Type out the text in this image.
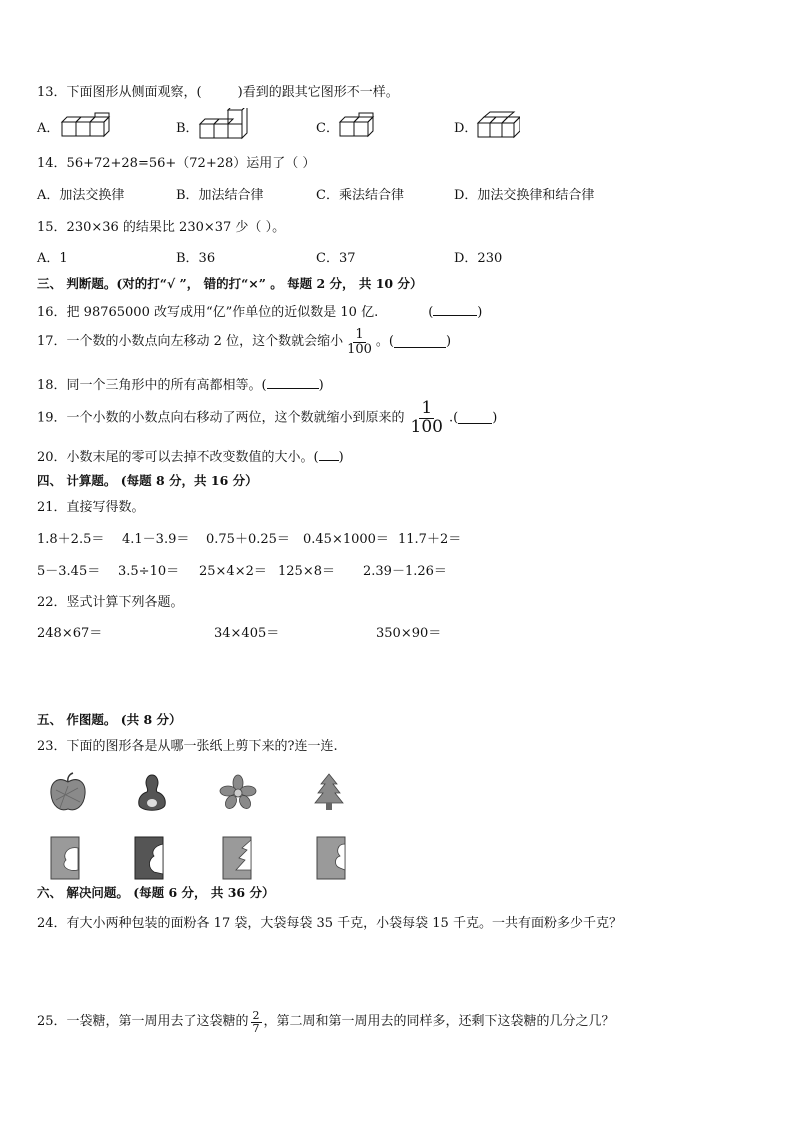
13．下面图形从侧面观察，(	)看到的跟其它图形不一样。
A．	B．	C．	D．
14．56+72+28=56+（72+28）运用了（ ）
A．加法交换律	B．加法结合律	C．乘法结合律	D．加法交换律和结合律
15．230×36 的结果比 230×37 少（ ）。
A．1	B．36	C．37	D．230
三、 判断题。(对的打“√ ”， 错的打“×” 。 每题 2 分， 共 10 分）
16．把 98765000 改写成用“亿”作单位的近似数是 10 亿.	(	)
17．一个数的小数点向左移动 2 位，这个数就会缩小 $\frac{1}{100}$ 。(	)
18．同一个三角形中的所有高都相等。(	)
19．一个小数的小数点向右移动了两位，这个数就缩小到原来的 $\frac{1}{100}$ .(	)
20．小数末尾的零可以去掉不改变数值的大小。( )
四、 计算题。 (每题 8 分，共 16 分）
21．直接写得数。
1.8＋2.5＝ 4.1－3.9＝ 0.75＋0.25＝ 0.45×1000＝ 11.7＋2＝
5－3.45＝ 3.5÷10＝ 25×4×2＝ 125×8＝ 2.39－1.26＝
22．竖式计算下列各题。
248×67＝	34×405＝	350×90＝
五、 作图题。 (共 8 分）
23．下面的图形各是从哪一张纸上剪下来的?连一连.
六、 解决问题。 (每题 6 分， 共 36 分）
24．有大小两种包装的面粉各 17 袋，大袋每袋 35 千克，小袋每袋 15 千克。一共有面粉多少千克？
25．一袋糖，第一周用去了这袋糖的 $\frac{2}{7}$ ，第二周和第一周用去的同样多，还剩下这袋糖的几分之几？
